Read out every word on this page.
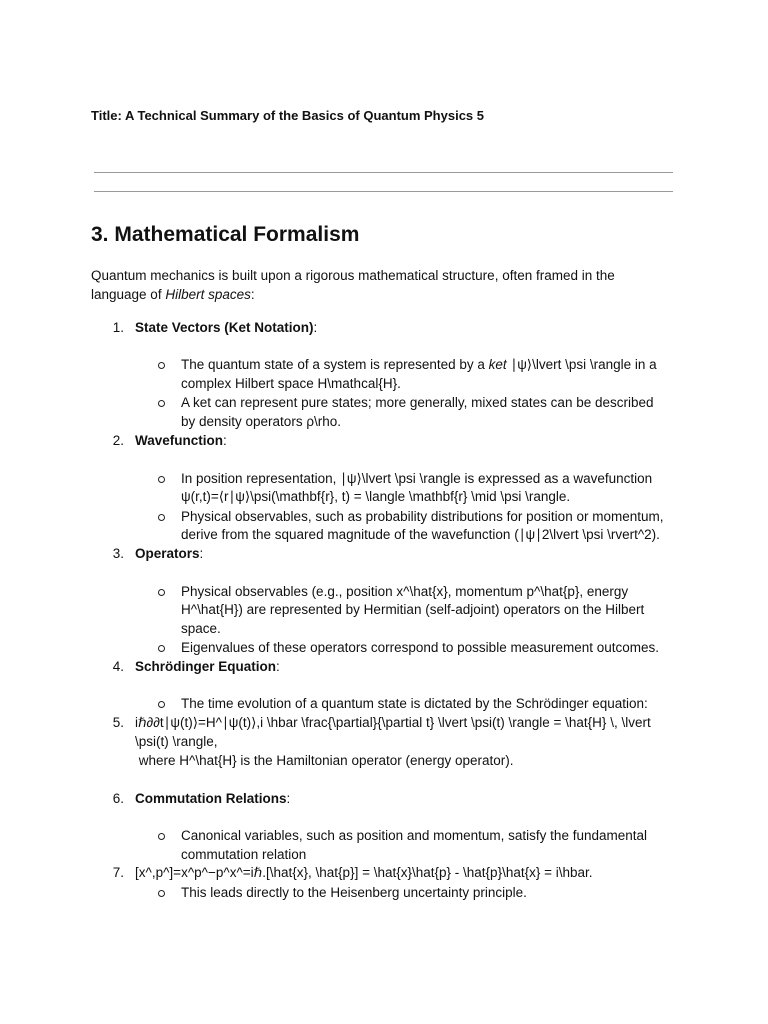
Title: A Technical Summary of the Basics of Quantum Physics 5
3. Mathematical Formalism
Quantum mechanics is built upon a rigorous mathematical structure, often framed in the language of Hilbert spaces:
1. State Vectors (Ket Notation):
The quantum state of a system is represented by a ket ∣ψ⟩\lvert \psi \rangle in a
complex Hilbert space H\mathcal{H}.
A ket can represent pure states; more generally, mixed states can be described
by density operators ρ\rho.
2. Wavefunction:
In position representation, ∣ψ⟩\lvert \psi \rangle is expressed as a wavefunction
ψ(r,t)=⟨r∣ψ⟩\psi(\mathbf{r}, t) = \langle \mathbf{r} \mid \psi \rangle.
Physical observables, such as probability distributions for position or momentum,
derive from the squared magnitude of the wavefunction (∣ψ∣2\lvert \psi \rvert^2).
3. Operators:
Physical observables (e.g., position x^\hat{x}, momentum p^\hat{p}, energy
H^\hat{H}) are represented by Hermitian (self-adjoint) operators on the Hilbert
space.
Eigenvalues of these operators correspond to possible measurement outcomes.
4. Schrödinger Equation:
The time evolution of a quantum state is dictated by the Schrödinger equation:
5. iℏ∂∂t∣ψ(t)⟩=H^∣ψ(t)⟩,i \hbar \frac{\partial}{\partial t} \lvert \psi(t) \rangle = \hat{H} \, \lvert
\psi(t) \rangle,
where H^\hat{H} is the Hamiltonian operator (energy operator).
6. Commutation Relations:
Canonical variables, such as position and momentum, satisfy the fundamental
commutation relation
7. [x^,p^]=x^p^−p^x^=iℏ.[\hat{x}, \hat{p}] = \hat{x}\hat{p} - \hat{p}\hat{x} = i\hbar.
This leads directly to the Heisenberg uncertainty principle.
